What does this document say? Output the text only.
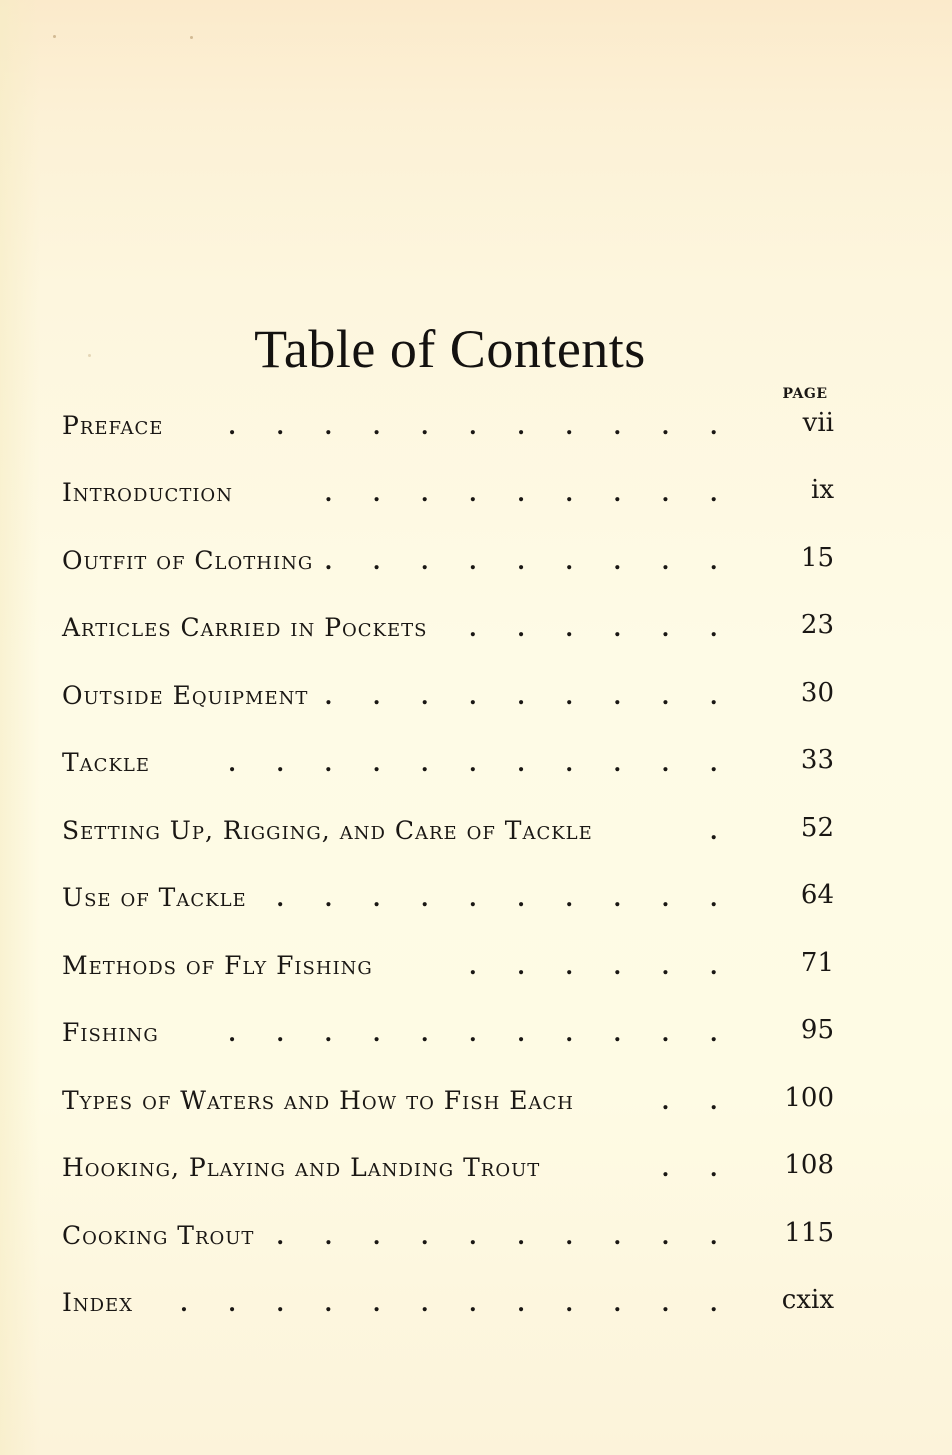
Table of Contents
PAGE
Preface	...........	vii
Introduction	.........	ix
Outfit of Clothing .........	15
Articles Carried in Pockets ......	23
Outside Equipment .........	30
Tackle	...........	33
Setting Up, Rigging, and Care of Tackle	.	52
Use of Tackle ..........	64
Methods of Fly Fishing	......	71
Fishing	...........	95
Types of Waters and How to Fish Each	..	100
Hooking, Playing and Landing Trout	..	108
Cooking Trout ..........	115
Index ............ cxix
